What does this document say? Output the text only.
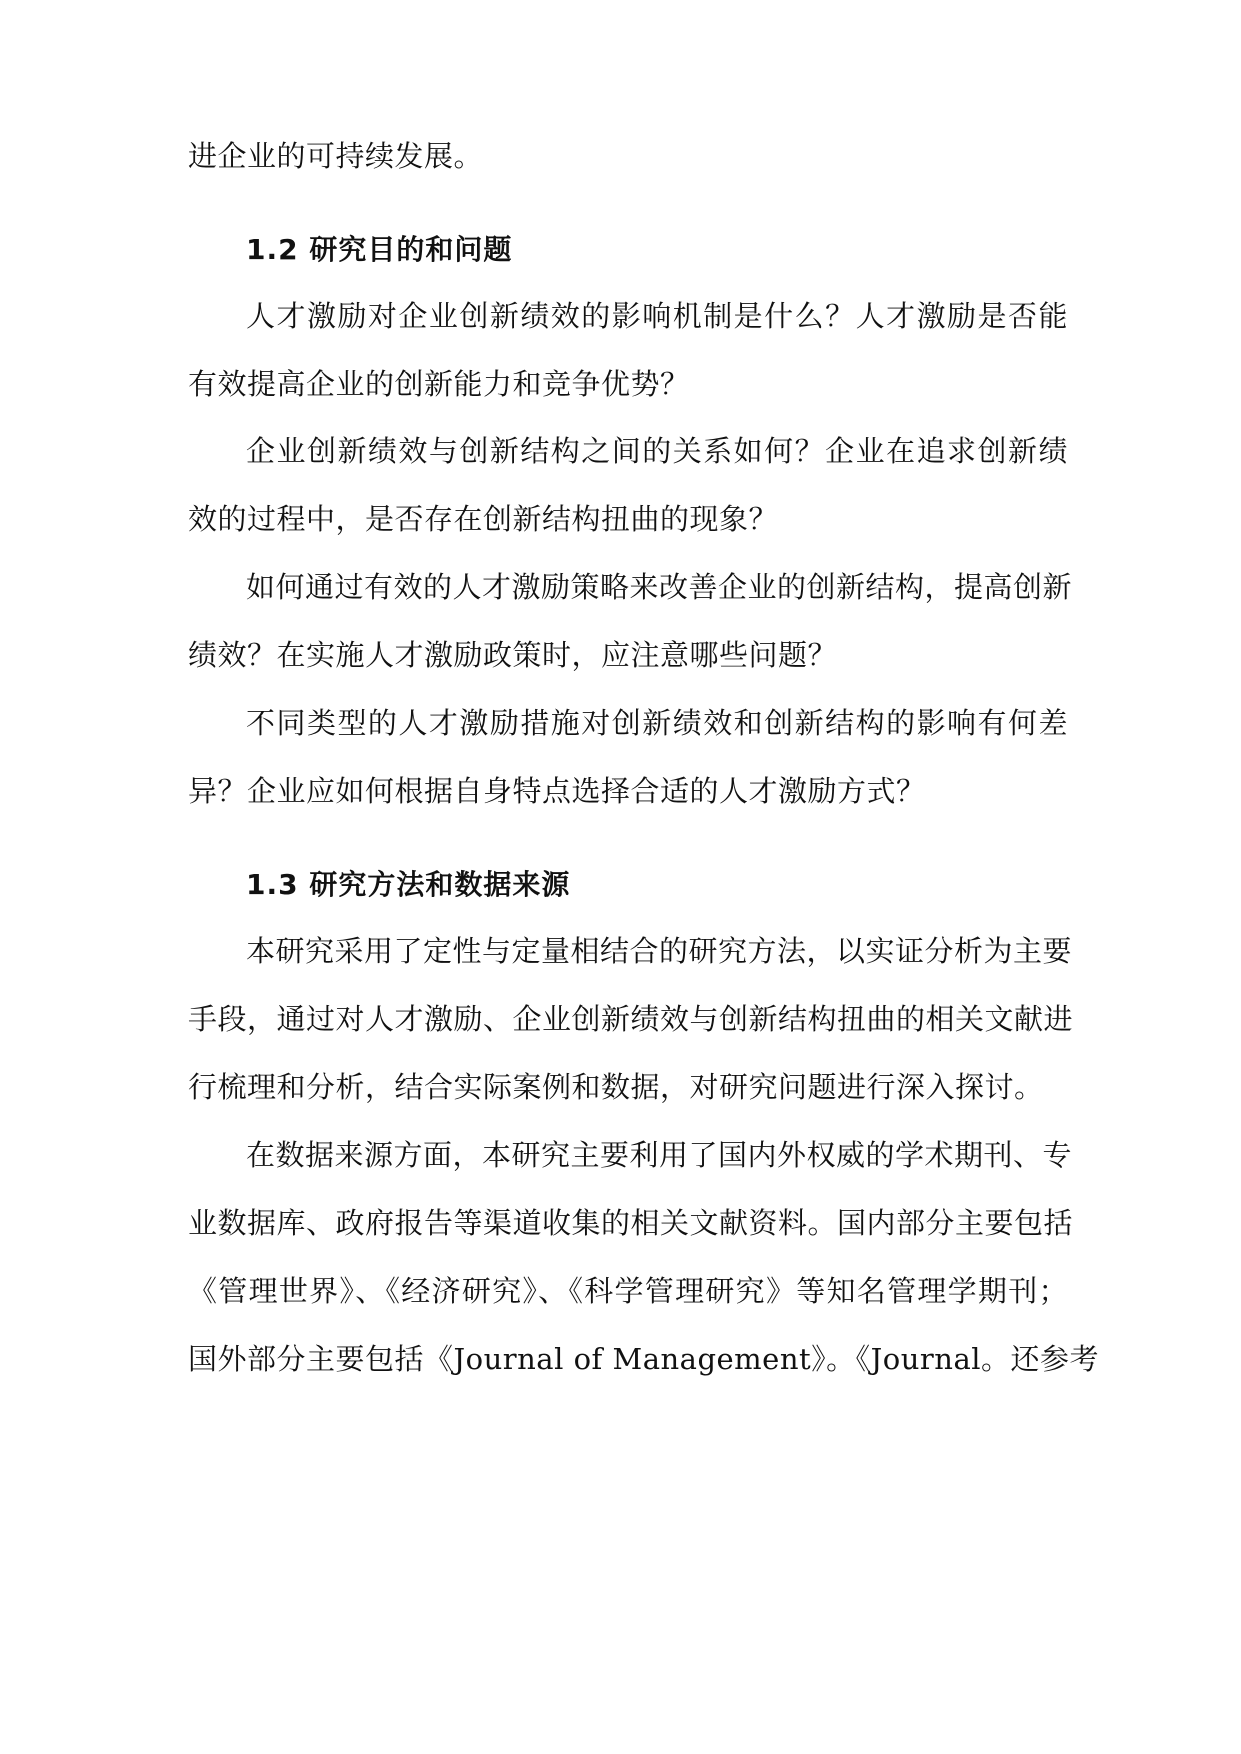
进企业的可持续发展。
1.2 研究目的和问题
人才激励对企业创新绩效的影响机制是什么？人才激励是否能
有效提高企业的创新能力和竞争优势？
企业创新绩效与创新结构之间的关系如何？企业在追求创新绩
效的过程中，是否存在创新结构扭曲的现象？
如何通过有效的人才激励策略来改善企业的创新结构，提高创新
绩效？在实施人才激励政策时，应注意哪些问题？
不同类型的人才激励措施对创新绩效和创新结构的影响有何差
异？企业应如何根据自身特点选择合适的人才激励方式？
1.3 研究方法和数据来源
本研究采用了定性与定量相结合的研究方法，以实证分析为主要
手段，通过对人才激励、企业创新绩效与创新结构扭曲的相关文献进
行梳理和分析，结合实际案例和数据，对研究问题进行深入探讨。
在数据来源方面，本研究主要利用了国内外权威的学术期刊、专
业数据库、政府报告等渠道收集的相关文献资料。国内部分主要包括
《管理世界》、《经济研究》、《科学管理研究》等知名管理学期刊；
国外部分主要包括《Journal of Management》。《Journal。还参考
